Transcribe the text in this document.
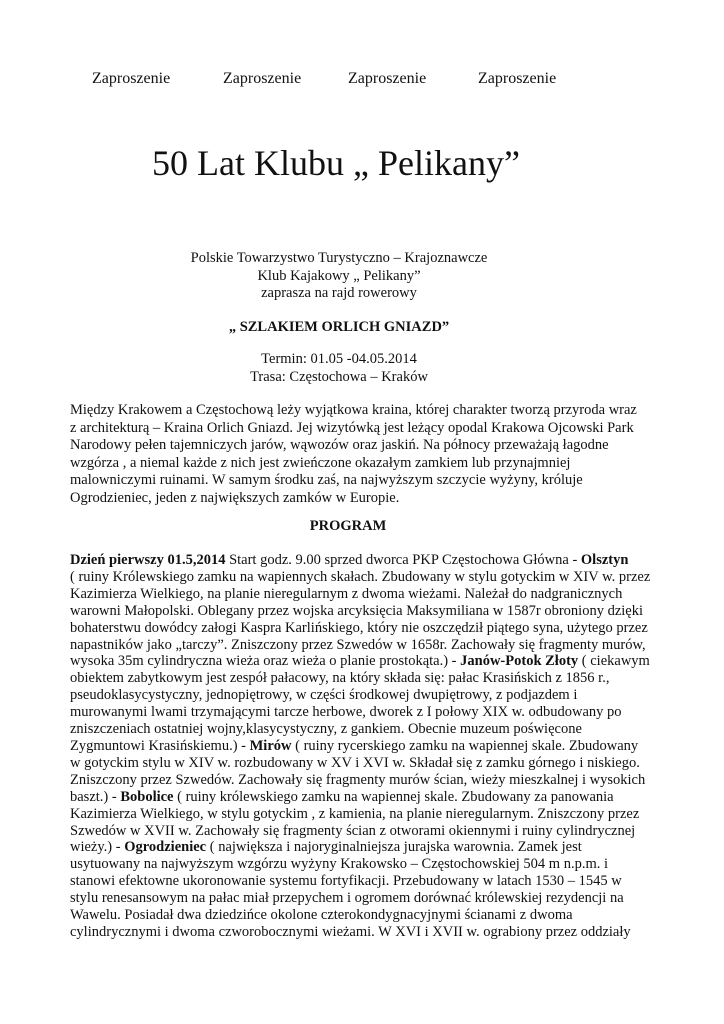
Zaproszenie	Zaproszenie	Zaproszenie	Zaproszenie
50 Lat Klubu „ Pelikany”
Polskie Towarzystwo Turystyczno – Krajoznawcze
Klub Kajakowy „ Pelikany”
zaprasza na rajd rowerowy
„ SZLAKIEM ORLICH GNIAZD”
Termin: 01.05 -04.05.2014
Trasa: Częstochowa – Kraków
Między Krakowem a Częstochową leży wyjątkowa kraina, której charakter tworzą przyroda wraz
z architekturą – Kraina Orlich Gniazd. Jej wizytówką jest leżący opodal Krakowa Ojcowski Park
Narodowy pełen tajemniczych jarów, wąwozów oraz jaskiń. Na północy przeważają łagodne
wzgórza , a niemal każde z nich jest zwieńczone okazałym zamkiem lub przynajmniej
malowniczymi ruinami. W samym środku zaś, na najwyższym szczycie wyżyny, króluje
Ogrodzieniec, jeden z największych zamków w Europie.
PROGRAM
Dzień pierwszy 01.5,2014 Start godz. 9.00 sprzed dworca PKP Częstochowa Główna - Olsztyn
( ruiny Królewskiego zamku na wapiennych skałach. Zbudowany w stylu gotyckim w XIV w. przez
Kazimierza Wielkiego, na planie nieregularnym z dwoma wieżami. Należał do nadgranicznych
warowni Małopolski. Oblegany przez wojska arcyksięcia Maksymiliana w 1587r obroniony dzięki
bohaterstwu dowódcy załogi Kaspra Karlińskiego, który nie oszczędził piątego syna, użytego przez
napastników jako „tarczy”. Zniszczony przez Szwedów w 1658r. Zachowały się fragmenty murów,
wysoka 35m cylindryczna wieża oraz wieża o planie prostokąta.) - Janów-Potok Złoty ( ciekawym
obiektem zabytkowym jest zespół pałacowy, na który składa się: pałac Krasińskich z 1856 r.,
pseudoklasycystyczny, jednopiętrowy, w części środkowej dwupiętrowy, z podjazdem i
murowanymi lwami trzymającymi tarcze herbowe, dworek z I połowy XIX w. odbudowany po
zniszczeniach ostatniej wojny,klasycystyczny, z gankiem. Obecnie muzeum poświęcone
Zygmuntowi Krasińskiemu.) - Mirów ( ruiny rycerskiego zamku na wapiennej skale. Zbudowany
w gotyckim stylu w XIV w. rozbudowany w XV i XVI w. Składał się z zamku górnego i niskiego.
Zniszczony przez Szwedów. Zachowały się fragmenty murów ścian, wieży mieszkalnej i wysokich
baszt.) - Bobolice ( ruiny królewskiego zamku na wapiennej skale. Zbudowany za panowania
Kazimierza Wielkiego, w stylu gotyckim , z kamienia, na planie nieregularnym. Zniszczony przez
Szwedów w XVII w. Zachowały się fragmenty ścian z otworami okiennymi i ruiny cylindrycznej
wieży.) - Ogrodzieniec ( największa i najoryginalniejsza jurajska warownia. Zamek jest
usytuowany na najwyższym wzgórzu wyżyny Krakowsko – Częstochowskiej 504 m n.p.m. i
stanowi efektowne ukoronowanie systemu fortyfikacji. Przebudowany w latach 1530 – 1545 w
stylu renesansowym na pałac miał przepychem i ogromem dorównać królewskiej rezydencji na
Wawelu. Posiadał dwa dziedzińce okolone czterokondygnacyjnymi ścianami z dwoma
cylindrycznymi i dwoma czworobocznymi wieżami. W XVI i XVII w. ograbiony przez oddziały
